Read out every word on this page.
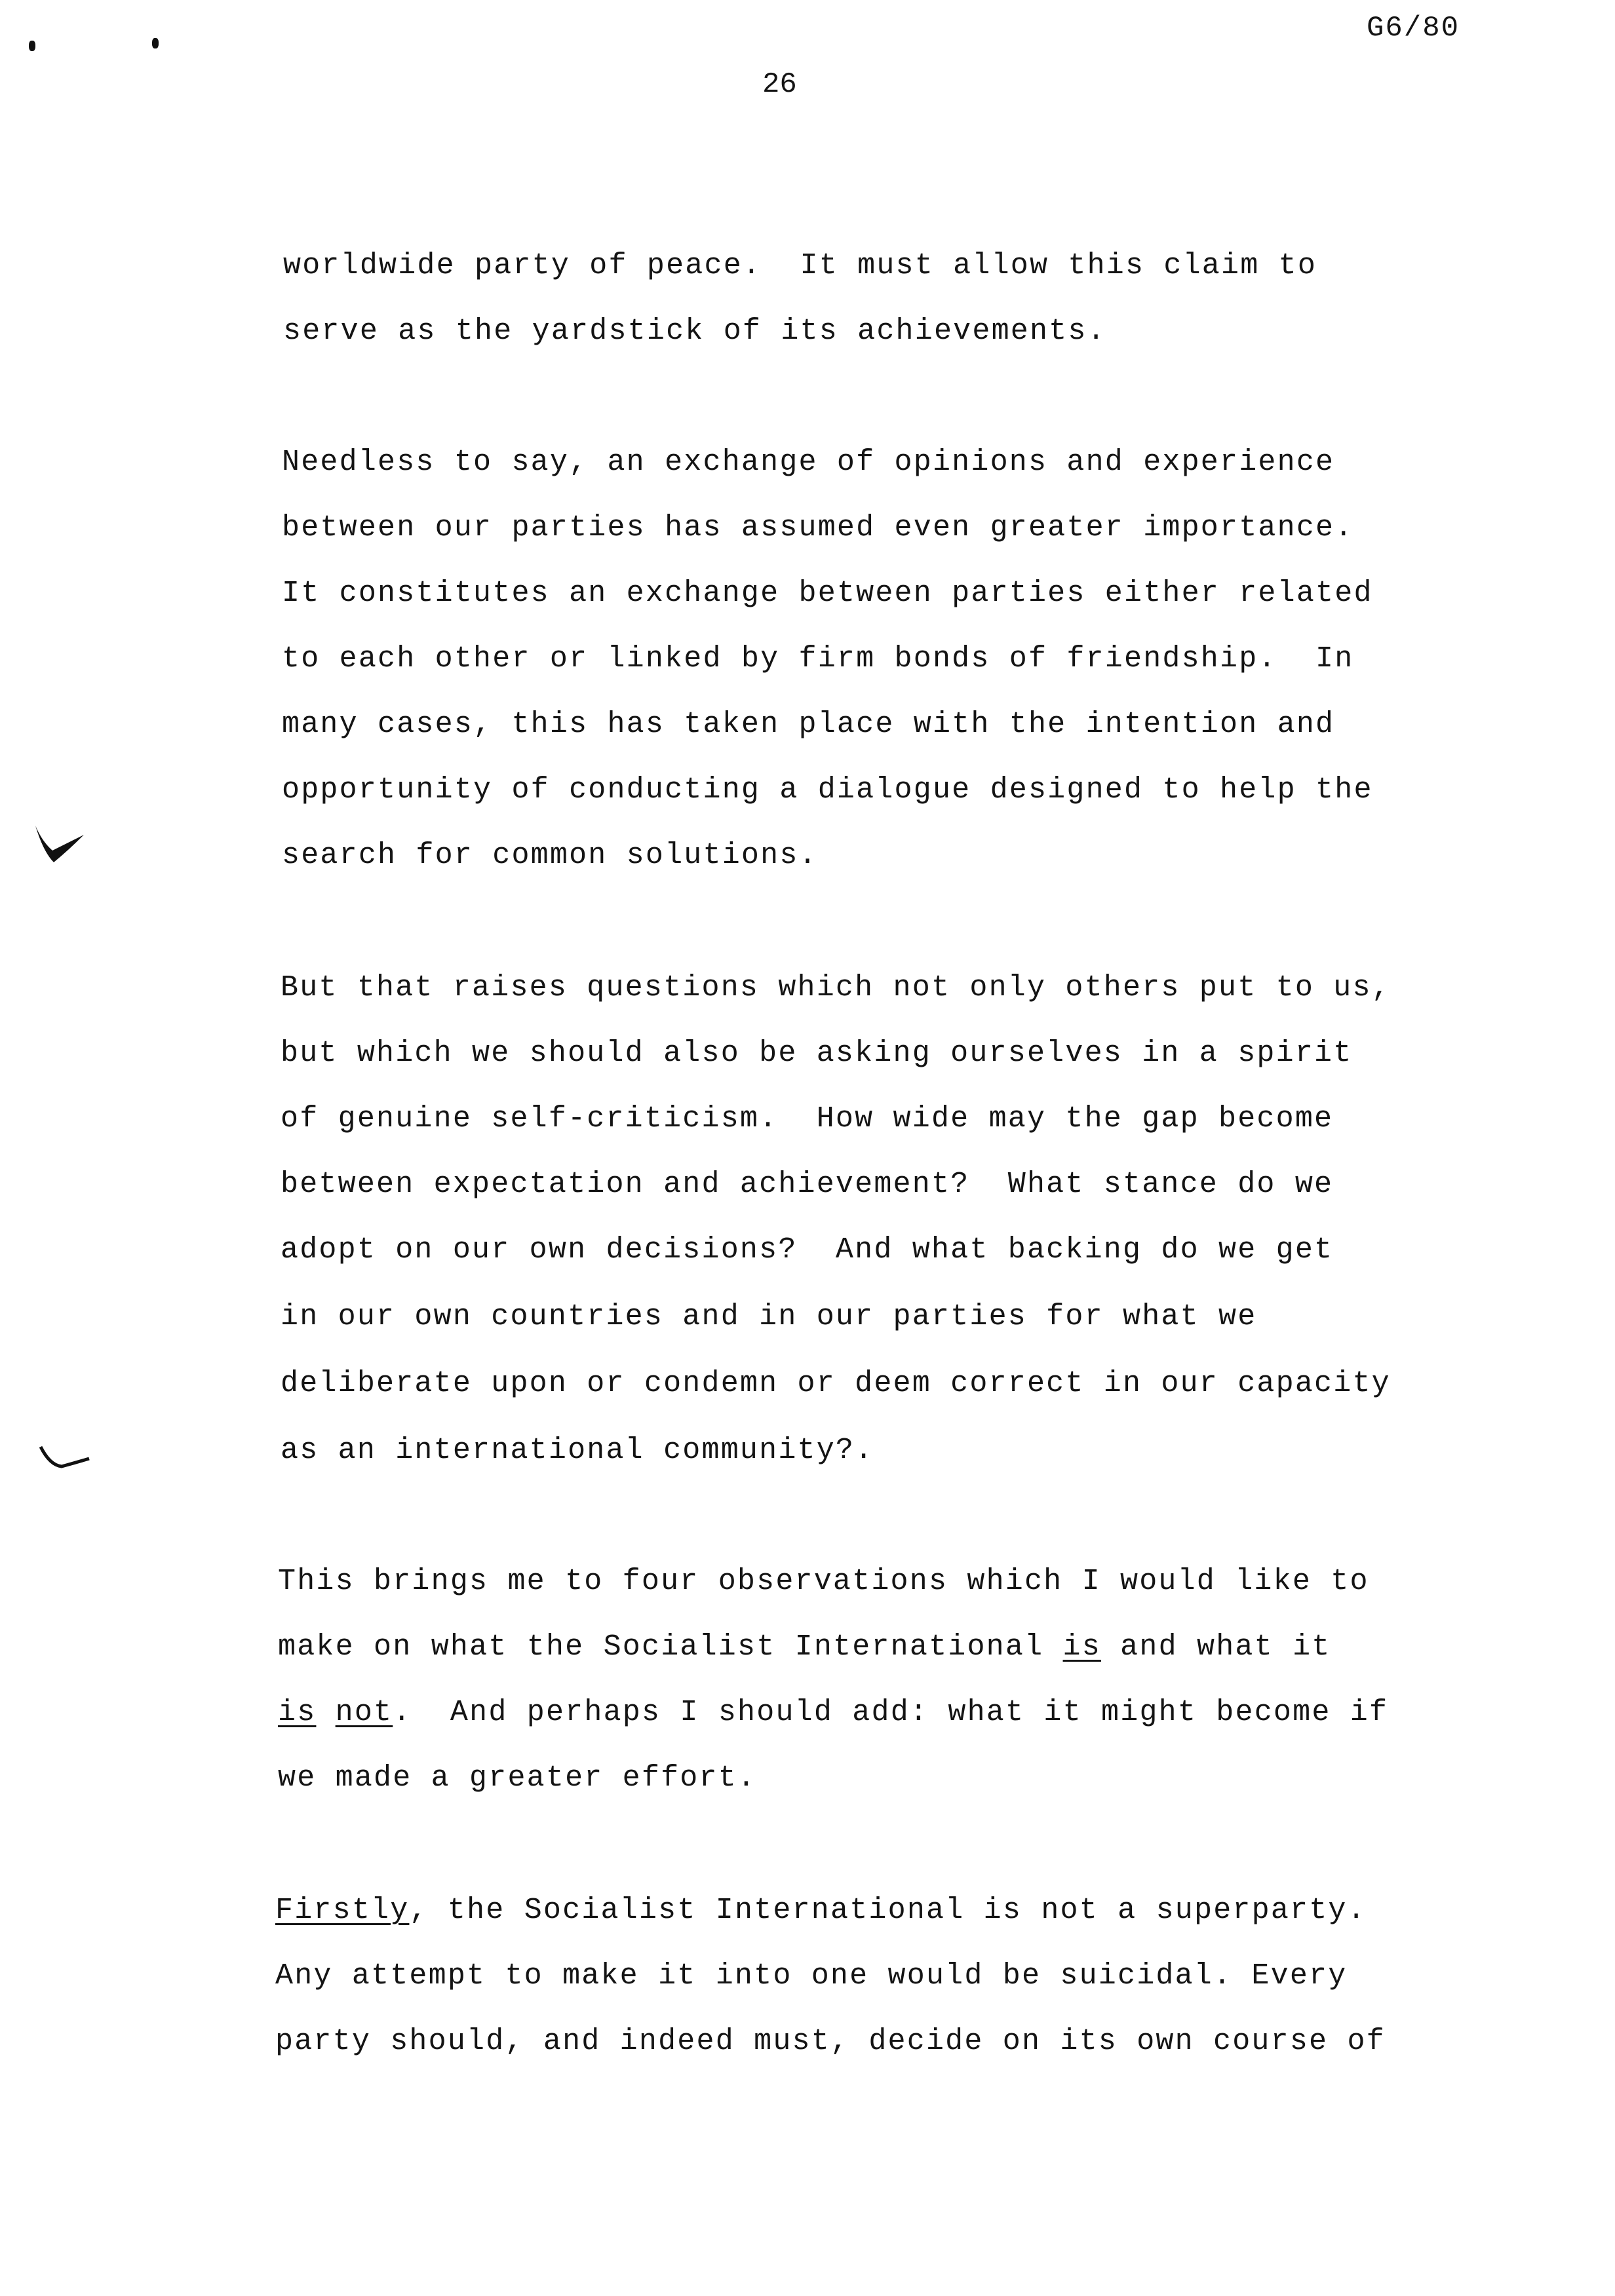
G6/80
26
worldwide party of peace.  It must allow this claim to
serve as the yardstick of its achievements.
Needless to say, an exchange of opinions and experience
between our parties has assumed even greater importance.
It constitutes an exchange between parties either related
to each other or linked by firm bonds of friendship.  In
many cases, this has taken place with the intention and
opportunity of conducting a dialogue designed to help the
search for common solutions.
But that raises questions which not only others put to us,
but which we should also be asking ourselves in a spirit
of genuine self-criticism.  How wide may the gap become
between expectation and achievement?  What stance do we
adopt on our own decisions?  And what backing do we get
in our own countries and in our parties for what we
deliberate upon or condemn or deem correct in our capacity
as an international community?.
This brings me to four observations which I would like to
make on what the Socialist International is and what it
is not. And perhaps I should add: what it might become if
we made a greater effort.
Firstly, the Socialist International is not a superparty.
Any attempt to make it into one would be suicidal. Every
party should, and indeed must, decide on its own course of
